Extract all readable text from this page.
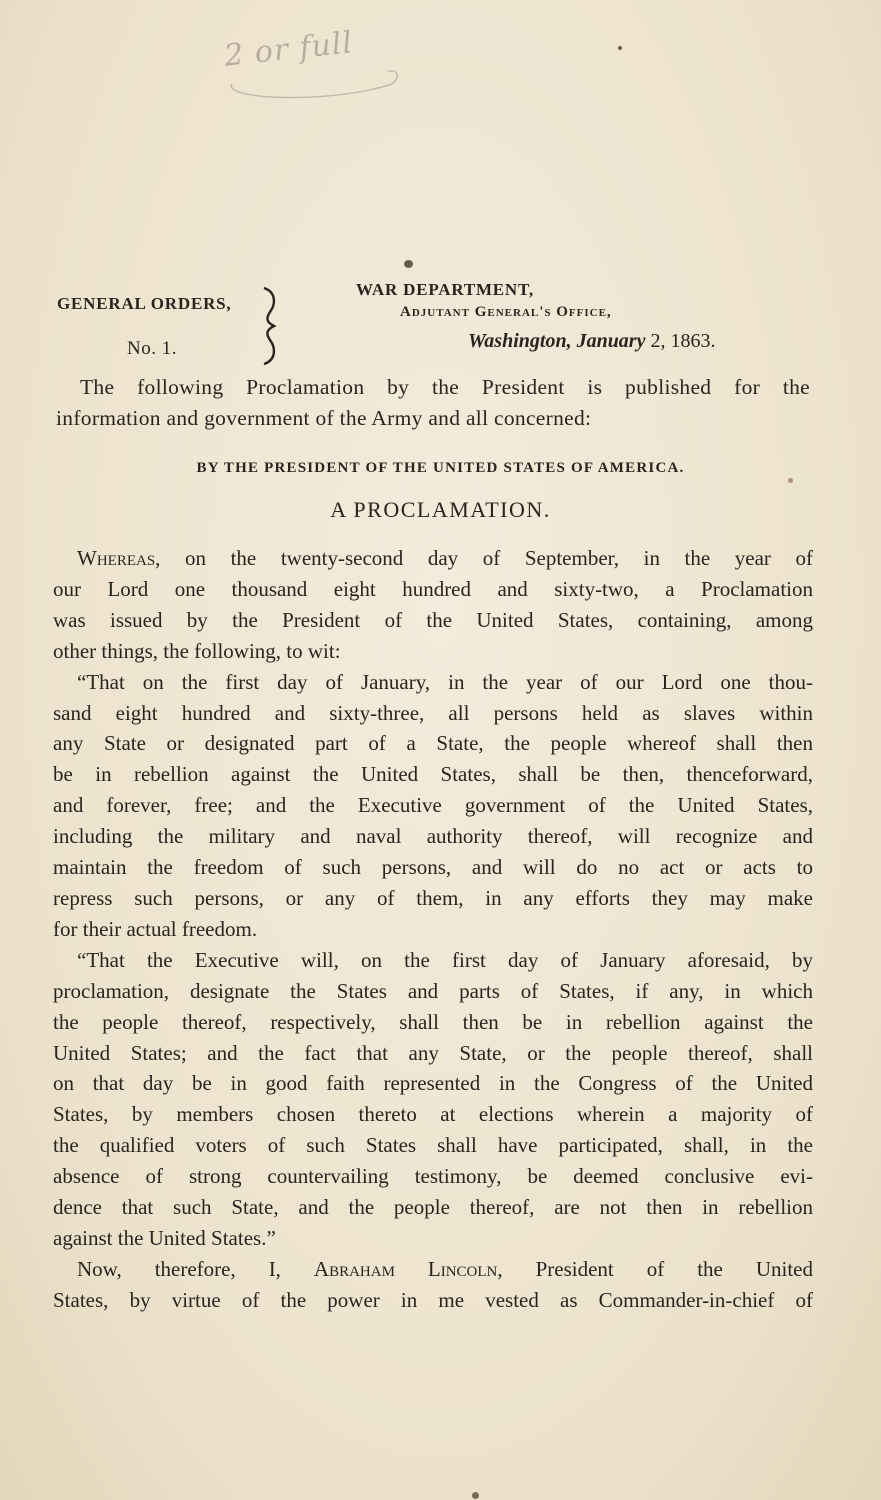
2 or full
GENERAL ORDERS,
No. 1.
WAR DEPARTMENT,
Adjutant General's Office,
Washington, January 2, 1863.
The following Proclamation by the President is published for the
information and government of the Army and all concerned:
BY THE PRESIDENT OF THE UNITED STATES OF AMERICA.
A PROCLAMATION.
Whereas, on the twenty-second day of September, in the year of
our Lord one thousand eight hundred and sixty-two, a Proclamation
was issued by the President of the United States, containing, among
other things, the following, to wit:
“That on the first day of January, in the year of our Lord one thou-
sand eight hundred and sixty-three, all persons held as slaves within
any State or designated part of a State, the people whereof shall then
be in rebellion against the United States, shall be then, thenceforward,
and forever, free; and the Executive government of the United States,
including the military and naval authority thereof, will recognize and
maintain the freedom of such persons, and will do no act or acts to
repress such persons, or any of them, in any efforts they may make
for their actual freedom.
“That the Executive will, on the first day of January aforesaid, by
proclamation, designate the States and parts of States, if any, in which
the people thereof, respectively, shall then be in rebellion against the
United States; and the fact that any State, or the people thereof, shall
on that day be in good faith represented in the Congress of the United
States, by members chosen thereto at elections wherein a majority of
the qualified voters of such States shall have participated, shall, in the
absence of strong countervailing testimony, be deemed conclusive evi-
dence that such State, and the people thereof, are not then in rebellion
against the United States.”
Now, therefore, I, Abraham Lincoln, President of the United
States, by virtue of the power in me vested as Commander-in-chief of
